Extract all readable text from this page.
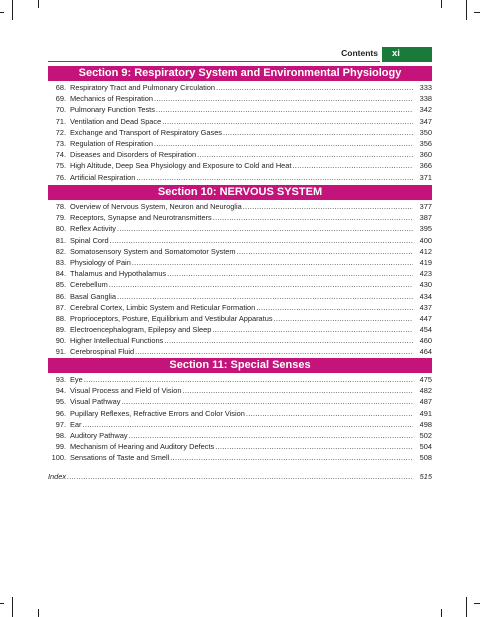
Contents xi
Section 9: Respiratory System and Environmental Physiology
68. Respiratory Tract and Pulmonary Circulation .....	333
69. Mechanics of Respiration .....	338
70. Pulmonary Function Tests .....	342
71. Ventilation and Dead Space .....	347
72. Exchange and Transport of Respiratory Gases .....	350
73. Regulation of Respiration .....	356
74. Diseases and Disorders of Respiration .....	360
75. High Altitude, Deep Sea Physiology and Exposure to Cold and Heat .....	366
76. Artificial Respiration .....	371
.....
Section 10: NERVOUS SYSTEM
78. Overview of Nervous System, Neuron and Neuroglia .....	377
79. Receptors, Synapse and Neurotransmitters .....	387
80. Reflex Activity .....	395
81. Spinal Cord .....	400
82. Somatosensory System and Somatomotor System .....	412
83. Physiology of Pain .....	419
84. Thalamus and Hypothalamus .....	423
85. Cerebellum .....	430
86. Basal Ganglia .....	434
87. Cerebral Cortex, Limbic System and Reticular Formation .....	437
88. Proprioceptors, Posture, Equilibrium and Vestibular Apparatus .....	447
89. Electroencephalogram, Epilepsy and Sleep .....	454
90. Higher Intellectual Functions .....	460
91. Cerebrospinal Fluid .....	464
.....
Section 11: Special Senses
93. Eye .....	475
94. Visual Process and Field of Vision .....	482
95. Visual Pathway .....	487
96. Pupillary Reflexes, Refractive Errors and Color Vision .....	491
97. Ear .....	498
98. Auditory Pathway .....	502
99. Mechanism of Hearing and Auditory Defects .....	504
100. Sensations of Taste and Smell .....	508
Index .....	515
